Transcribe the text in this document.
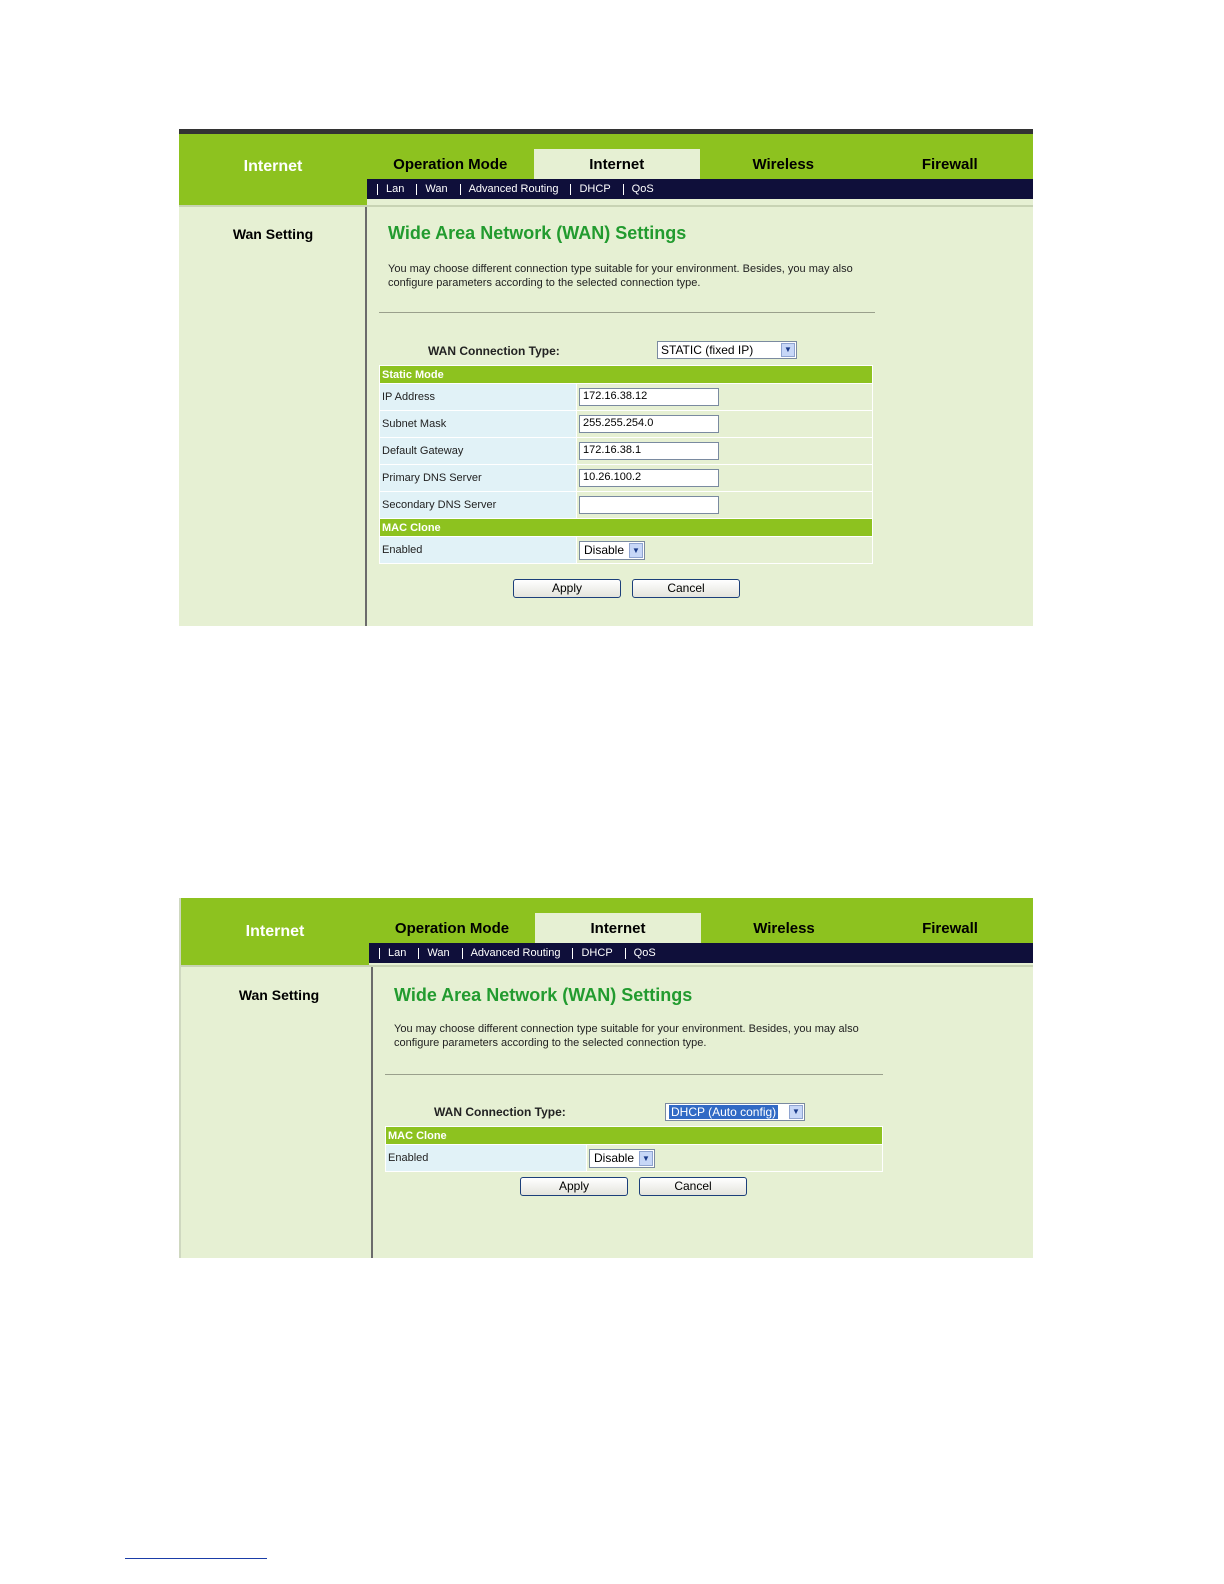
Internet	Operation Mode	Internet	Wireless	Firewall
Lan Wan Advanced Routing DHCP QoS
Wan Setting	Wide Area Network (WAN) Settings
You may choose different connection type suitable for your environment. Besides, you may also configure parameters according to the selected connection type.
WAN Connection Type:	STATIC (fixed IP)	▼
Static Mode	
IP Address	172.16.38.12
Subnet Mask	255.255.254.0
Default Gateway	172.16.38.1
Primary DNS Server	10.26.100.2
Secondary DNS Server	
MAC Clone	
Enabled	Disable ▼
Apply	Cancel
Internet	Operation Mode	Internet	Wireless	Firewall
Lan Wan Advanced Routing DHCP QoS
Wan Setting	Wide Area Network (WAN) Settings
You may choose different connection type suitable for your environment. Besides, you may also configure parameters according to the selected connection type.
WAN Connection Type:	DHCP (Auto config)	▼
MAC Clone
Enabled	Disable	▼
Apply	Cancel
